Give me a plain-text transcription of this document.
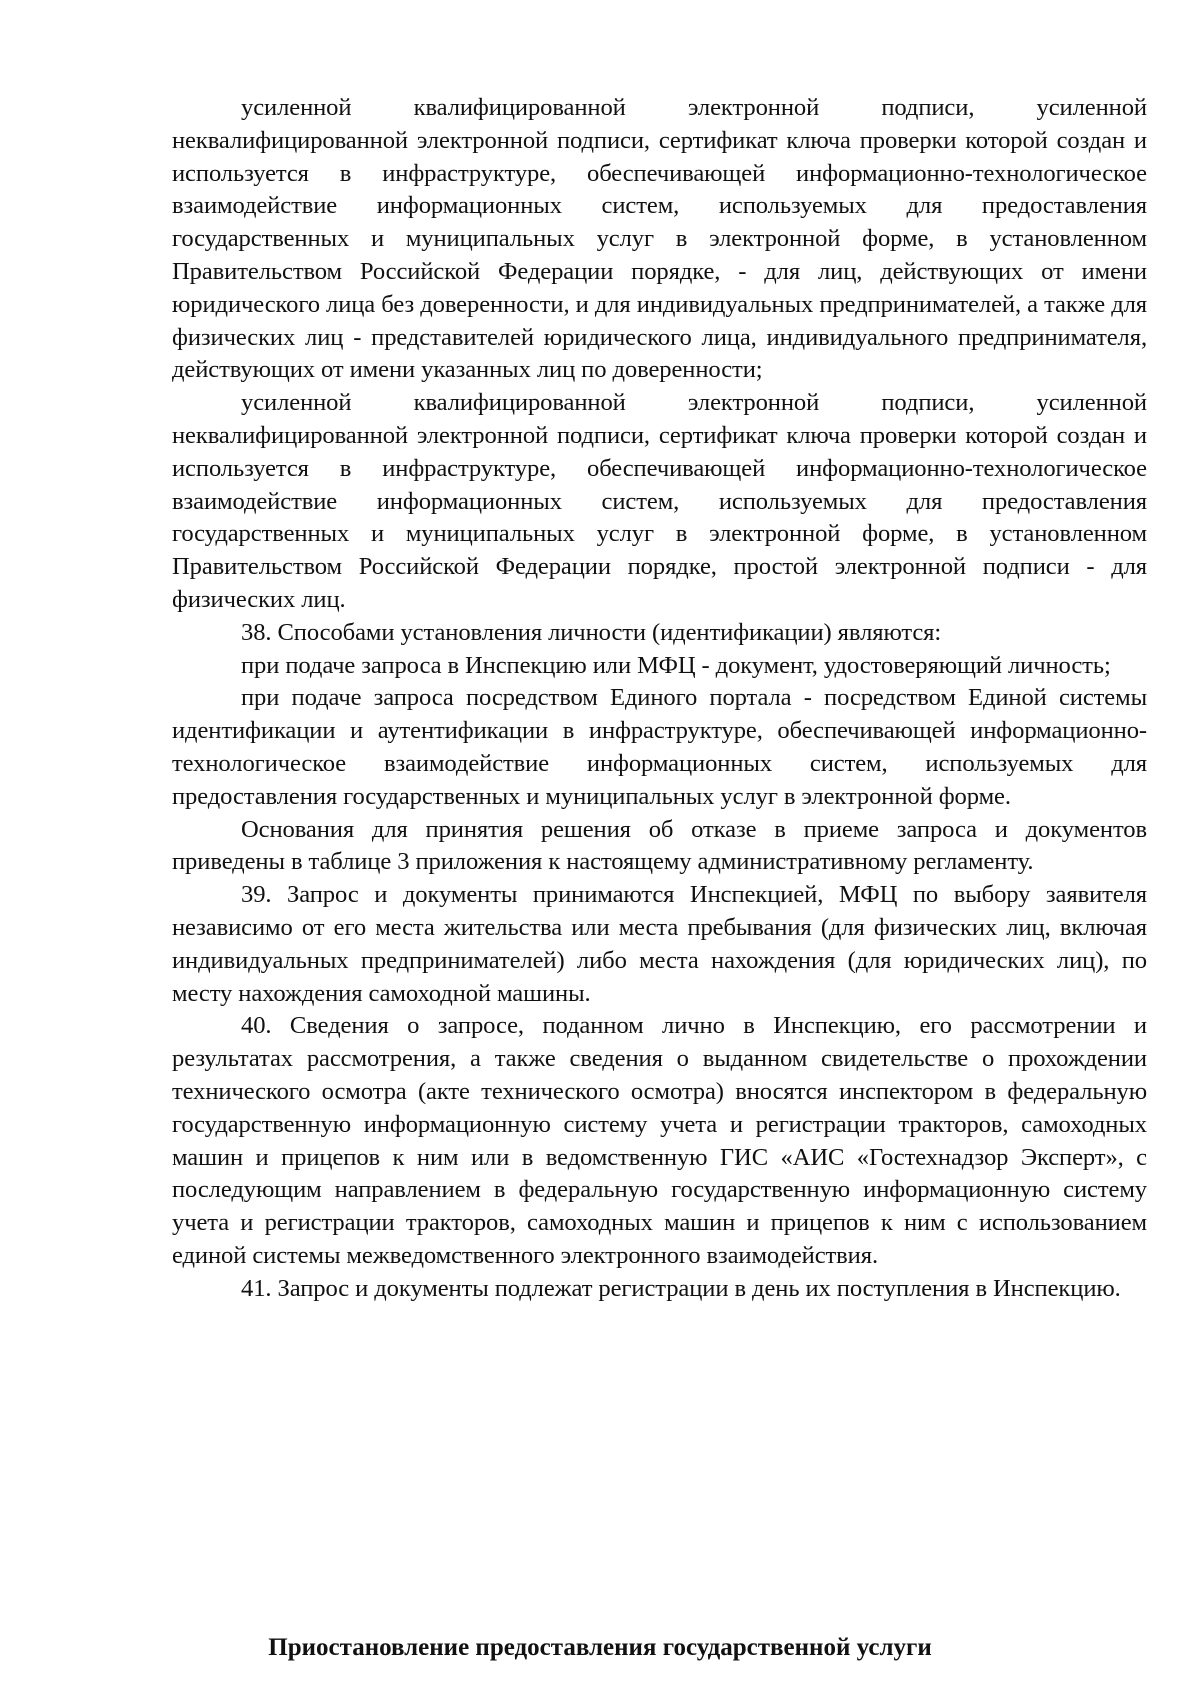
усиленной квалифицированной электронной подписи, усиленной неквалифицированной электронной подписи, сертификат ключа проверки которой создан и используется в инфраструктуре, обеспечивающей информационно-технологическое взаимодействие информационных систем, используемых для предоставления государственных и муниципальных услуг в электронной форме, в установленном Правительством Российской Федерации порядке, - для лиц, действующих от имени юридического лица без доверенности, и для индивидуальных предпринимателей, а также для физических лиц - представителей юридического лица, индивидуального предпринимателя, действующих от имени указанных лиц по доверенности;

усиленной квалифицированной электронной подписи, усиленной неквалифицированной электронной подписи, сертификат ключа проверки которой создан и используется в инфраструктуре, обеспечивающей информационно-технологическое взаимодействие информационных систем, используемых для предоставления государственных и муниципальных услуг в электронной форме, в установленном Правительством Российской Федерации порядке, простой электронной подписи - для физических лиц.

38. Способами установления личности (идентификации) являются:

при подаче запроса в Инспекцию или МФЦ - документ, удостоверяющий личность;

при подаче запроса посредством Единого портала - посредством Единой системы идентификации и аутентификации в инфраструктуре, обеспечивающей информационно-технологическое взаимодействие информационных систем, используемых для предоставления государственных и муниципальных услуг в электронной форме.

Основания для принятия решения об отказе в приеме запроса и документов приведены в таблице 3 приложения к настоящему административному регламенту.

39. Запрос и документы принимаются Инспекцией, МФЦ по выбору заявителя независимо от его места жительства или места пребывания (для физических лиц, включая индивидуальных предпринимателей) либо места нахождения (для юридических лиц), по месту нахождения самоходной машины.

40. Сведения о запросе, поданном лично в Инспекцию, его рассмотрении и результатах рассмотрения, а также сведения о выданном свидетельстве о прохождении технического осмотра (акте технического осмотра) вносятся инспектором в федеральную государственную информационную систему учета и регистрации тракторов, самоходных машин и прицепов к ним или в ведомственную ГИС «АИС «Гостехнадзор Эксперт», с последующим направлением в федеральную государственную информационную систему учета и регистрации тракторов, самоходных машин и прицепов к ним с использованием единой системы межведомственного электронного взаимодействия.

41. Запрос и документы подлежат регистрации в день их поступления в Инспекцию.

Приостановление предоставления государственной услуги
